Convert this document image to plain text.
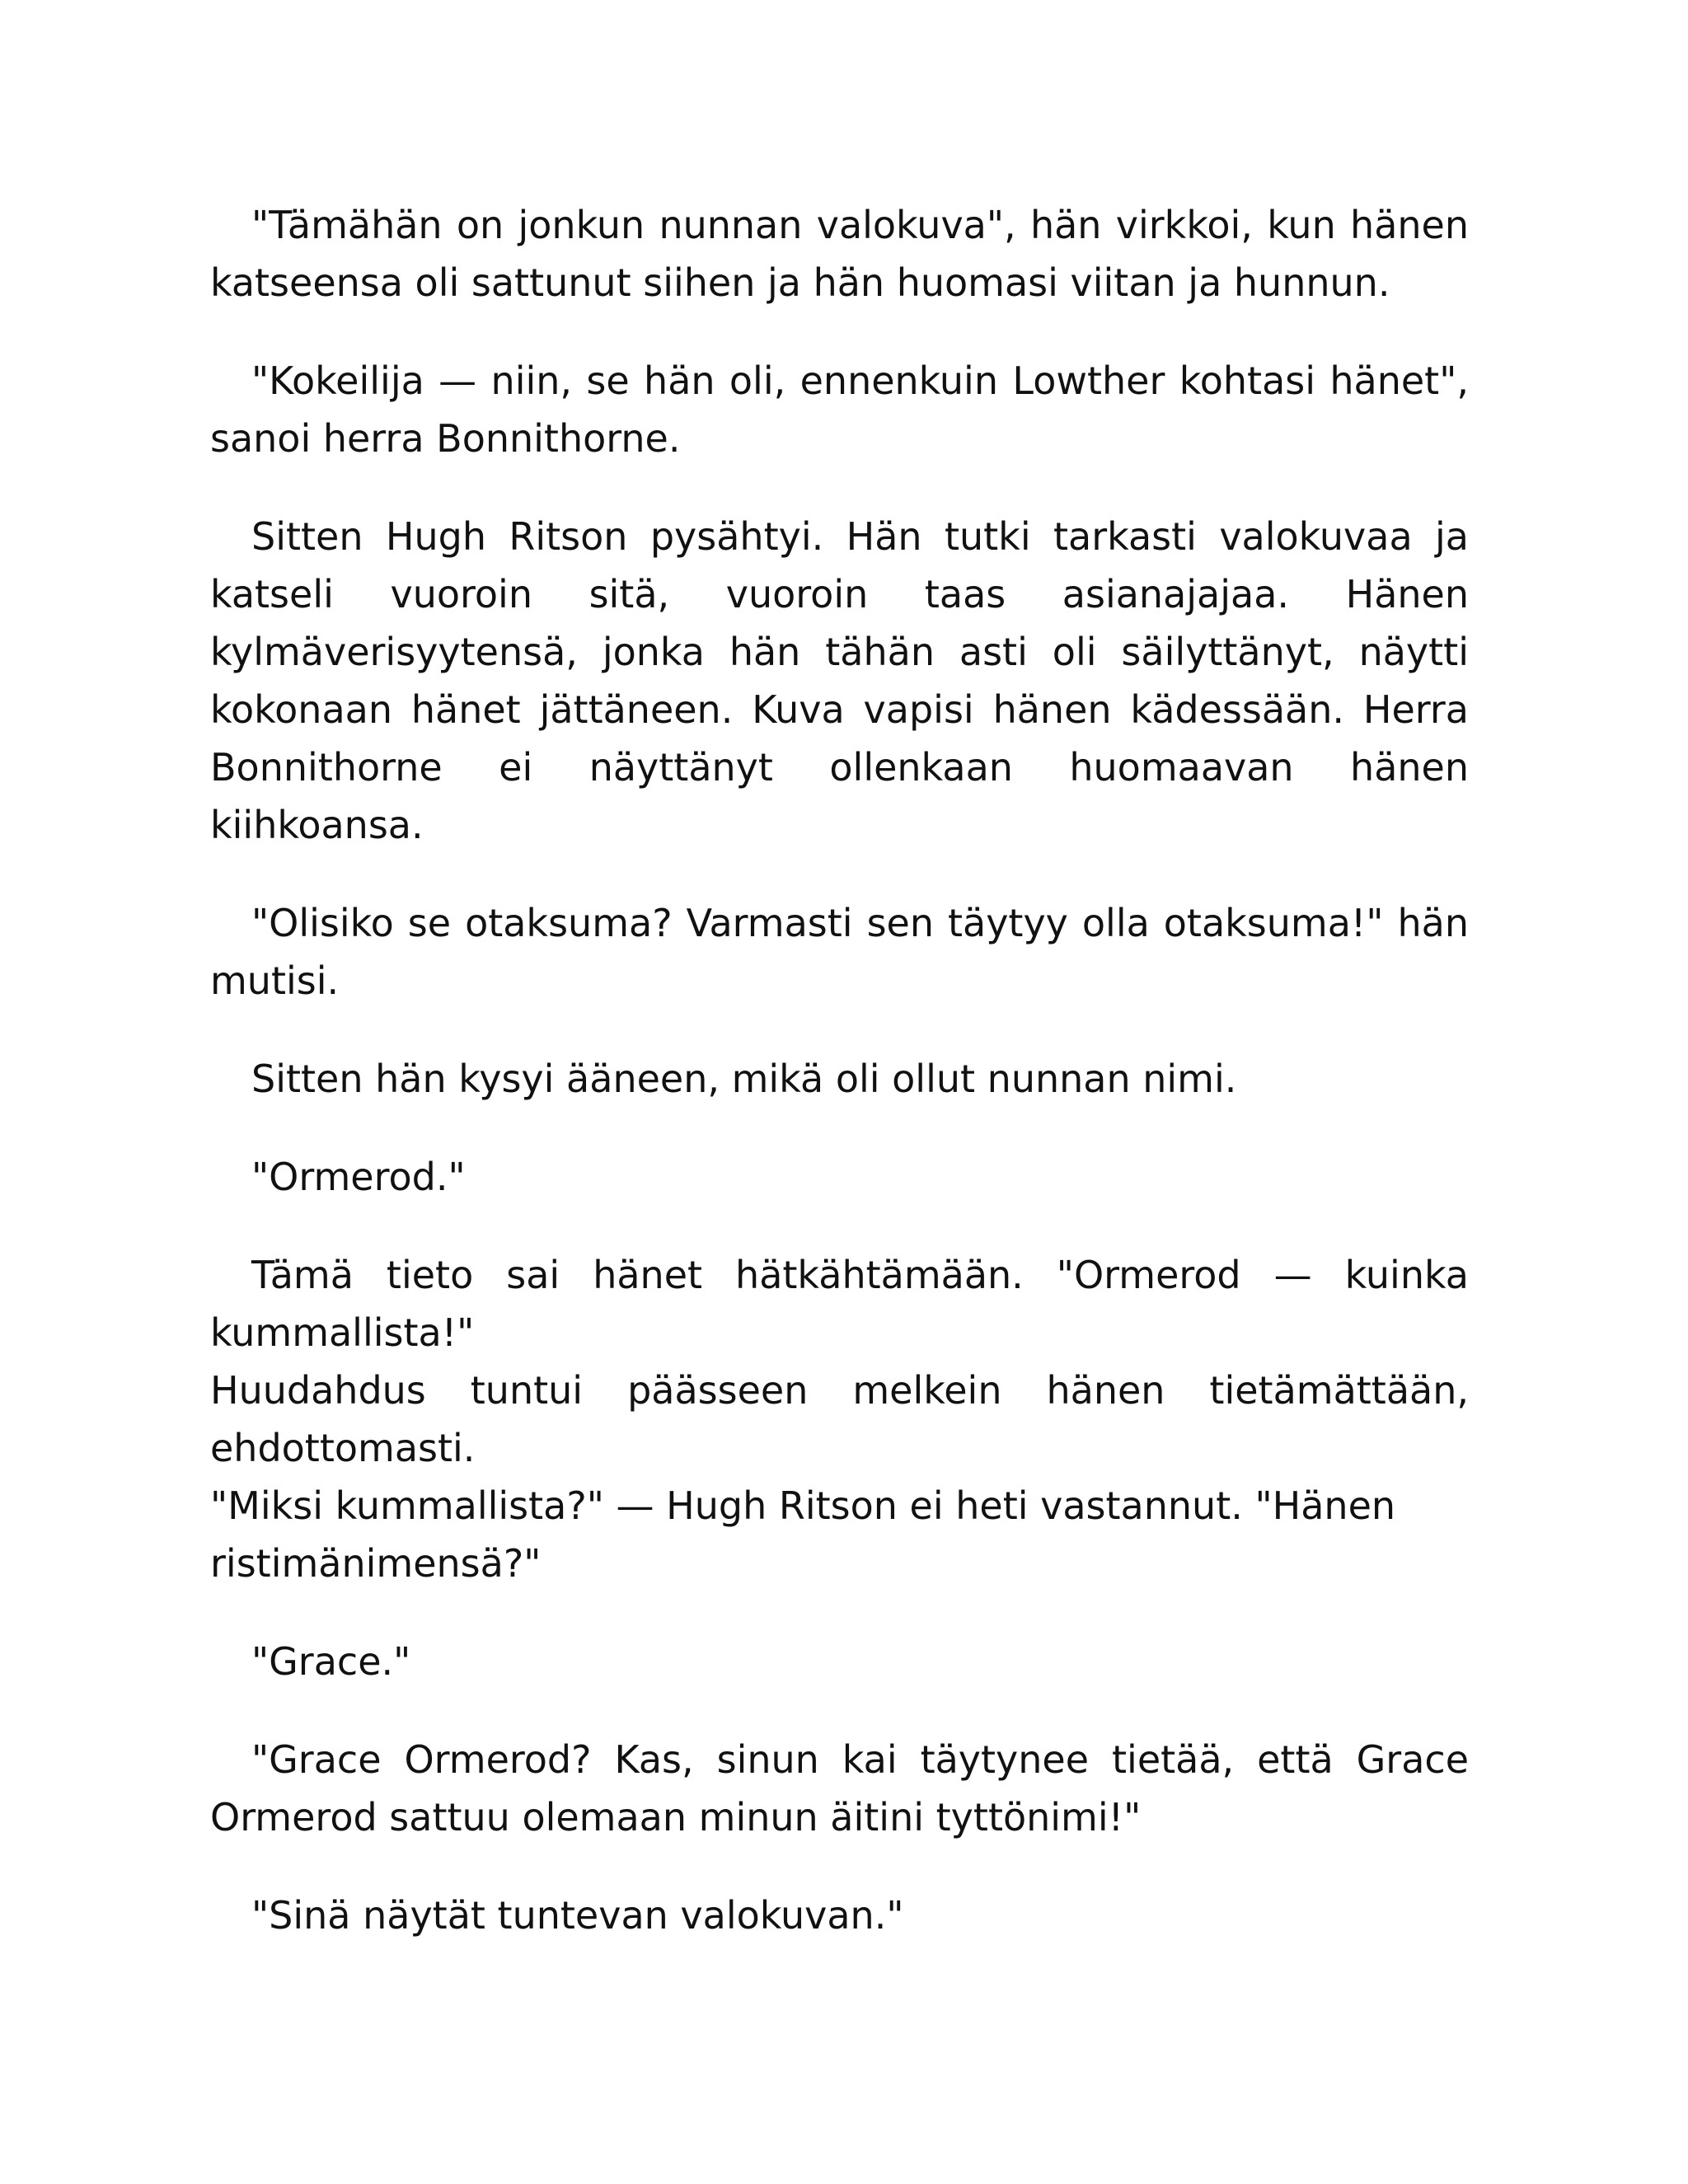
"Tämähän on jonkun nunnan valokuva", hän virkkoi, kun hänen katseensa oli sattunut siihen ja hän huomasi viitan ja hunnun.

"Kokeilija — niin, se hän oli, ennenkuin Lowther kohtasi hänet", sanoi herra Bonnithorne.

Sitten Hugh Ritson pysähtyi. Hän tutki tarkasti valokuvaa ja katseli vuoroin sitä, vuoroin taas asianajajaa. Hänen kylmäverisyytensä, jonka hän tähän asti oli säilyttänyt, näytti kokonaan hänet jättäneen. Kuva vapisi hänen kädessään. Herra Bonnithorne ei näyttänyt ollenkaan huomaavan hänen kiihkoansa.

"Olisiko se otaksuma? Varmasti sen täytyy olla otaksuma!" hän mutisi.

Sitten hän kysyi ääneen, mikä oli ollut nunnan nimi.

"Ormerod."

Tämä tieto sai hänet hätkähtämään. "Ormerod — kuinka
kummallista!"
Huudahdus tuntui päässeen melkein hänen tietämättään,
ehdottomasti.
"Miksi kummallista?" — Hugh Ritson ei heti vastannut. "Hänen
ristimänimensä?"

"Grace."

"Grace Ormerod? Kas, sinun kai täytynee tietää, että Grace Ormerod sattuu olemaan minun äitini tyttönimi!"

"Sinä näytät tuntevan valokuvan."
